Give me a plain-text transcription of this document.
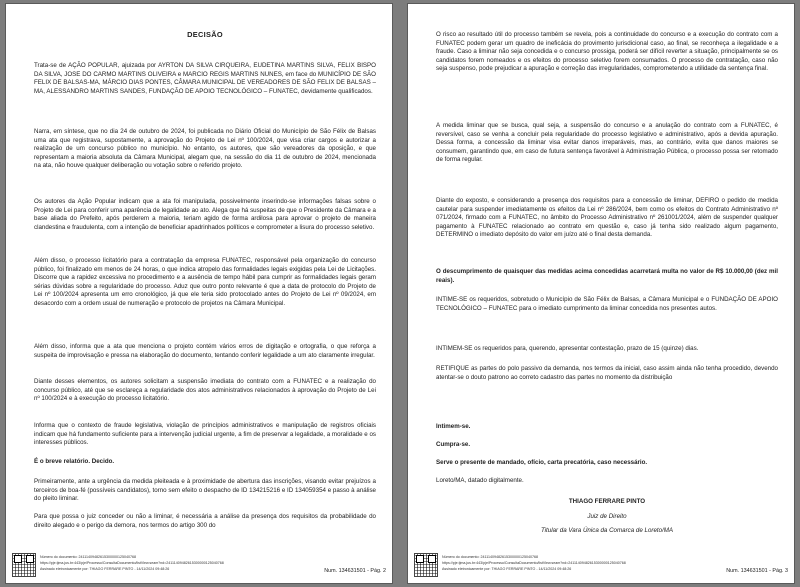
DECISÃO

Trata-se de AÇÃO POPULAR, ajuizada por AYRTON DA SILVA CIRQUEIRA, EUDETINA MARTINS SILVA, FELIX BISPO DA SILVA, JOSE DO CARMO MARTINS OLIVEIRA e MARCIO REGIS MARTINS NUNES, em face do MUNICÍPIO DE SÃO FELIX DE BALSAS-MA, MÁRCIO DIAS PONTES, CÂMARA MUNICIPAL DE VEREADORES DE SÃO FELIX DE BALSAS – MA, ALESSANDRO MARTINS SANDES, FUNDAÇÃO DE APOIO TECNOLÓGICO – FUNATEC, devidamente qualificados.

Narra, em síntese, que no dia 24 de outubro de 2024, foi publicada no Diário Oficial do Município de São Félix de Balsas uma ata que registrava, supostamente, a aprovação do Projeto de Lei nº 100/2024, que visa criar cargos e autorizar a realização de um concurso público no município. No entanto, os autores, que são vereadores da oposição, e que representam a maioria absoluta da Câmara Municipal, alegam que, na sessão do dia 11 de outubro de 2024, mencionada na ata, não houve qualquer deliberação ou votação sobre o referido projeto.

Os autores da Ação Popular indicam que a ata foi manipulada, possivelmente inserindo-se informações falsas sobre o Projeto de Lei para conferir uma aparência de legalidade ao ato. Alega que há suspeitas de que o Presidente da Câmara e a base aliada do Prefeito, após perderem a maioria, teriam agido de forma ardilosa para aprovar o projeto de maneira clandestina e fraudulenta, com a intenção de beneficiar apadrinhados políticos e comprometer a lisura do processo seletivo.

Além disso, o processo licitatório para a contratação da empresa FUNATEC, responsável pela organização do concurso público, foi finalizado em menos de 24 horas, o que indica atropelo das formalidades legais exigidas pela Lei de Licitações. Discorre que a rapidez excessiva no procedimento e a ausência de tempo hábil para cumprir as formalidades legais geram sérias dúvidas sobre a regularidade do processo. Aduz que outro ponto relevante é que a data de protocolo do Projeto de Lei nº 100/2024 apresenta um erro cronológico, já que ele teria sido protocolado antes do Projeto de Lei nº 09/2024, em desacordo com a ordem usual de numeração e protocolo de projetos na Câmara Municipal.

Além disso, informa que a ata que menciona o projeto contém vários erros de digitação e ortografia, o que reforça a suspeita de improvisação e pressa na elaboração do documento, tentando conferir legalidade a um ato claramente irregular.

Diante desses elementos, os autores solicitam a suspensão imediata do contrato com a FUNATEC e a realização do concurso público, até que se esclareça a regularidade dos atos administrativos relacionados à aprovação do Projeto de Lei nº 100/2024 e à execução do processo licitatório.

Informa que o contexto de fraude legislativa, violação de princípios administrativos e manipulação de registros oficiais indicam que há fundamento suficiente para a intervenção judicial urgente, a fim de preservar a legalidade, a moralidade e os interesses públicos.

É o breve relatório. Decido.

Primeiramente, ante a urgência da medida pleiteada e à proximidade de abertura das inscrições, visando evitar prejuízos a terceiros de boa-fé (possíveis candidatos), torno sem efeito o despacho de ID 134215216 e ID 134059354 e passo à análise do pleito liminar.

Para que possa o juiz conceder ou não a liminar, é necessária a análise da presença dos requisitos da probabilidade do direito alegado e o perigo da demora, nos termos do artigo 300 do

Número do documento: 24111409482615300000125040768
https://pje.tjma.jus.br:443/pje/Processo/ConsultaDocumento/listView.seam?nd=24111409482615300000125040768
Assinado eletronicamente por: THIAGO FERRARE PINTO - 14/11/2024 09:48:26	Num. 134631501 - Pág. 2

O risco ao resultado útil do processo também se revela, pois a continuidade do concurso e a execução do contrato com a FUNATEC podem gerar um quadro de ineficácia do provimento jurisdicional caso, ao final, se reconheça a ilegalidade e a fraude. Caso a liminar não seja concedida e o concurso prossiga, poderá ser difícil reverter a situação, principalmente se os candidatos forem nomeados e os efeitos do processo seletivo forem consumados. O processo de contratação, caso não seja suspenso, pode prejudicar a apuração e correção das irregularidades, comprometendo a utilidade da sentença final.

A medida liminar que se busca, qual seja, a suspensão do concurso e a anulação do contrato com a FUNATEC, é reversível, caso se venha a concluir pela regularidade do processo legislativo e administrativo, após a devida apuração. Dessa forma, a concessão da liminar visa evitar danos irreparáveis, mas, ao contrário, evita que danos maiores se consumem, garantindo que, em caso de futura sentença favorável à Administração Pública, o processo possa ser retomado de forma regular.

Diante do exposto, e considerando a presença dos requisitos para a concessão de liminar, DEFIRO o pedido de medida cautelar para suspender imediatamente os efeitos da Lei nº 286/2024, bem como os efeitos do Contrato Administrativo nº 071/2024, firmado com a FUNATEC, no âmbito do Processo Administrativo nº 261001/2024, além de suspender qualquer pagamento à FUNATEC relacionado ao contrato em questão e, caso já tenha sido realizado algum pagamento, DETERMINO o imediato depósito do valor em juízo até o final desta demanda.

O descumprimento de quaisquer das medidas acima concedidas acarretará multa no valor de R$ 10.000,00 (dez mil reais).

INTIME-SE os requeridos, sobretudo o Município de São Félix de Balsas, a Câmara Municipal e o FUNDAÇÃO DE APOIO TECNOLÓGICO – FUNATEC para o imediato cumprimento da liminar concedida nos presentes autos.

INTIMEM-SE os requeridos para, querendo, apresentar contestação, prazo de 15 (quinze) dias.

RETIFIQUE as partes do polo passivo da demanda, nos termos da inicial, caso assim ainda não tenha procedido, devendo atentar-se o douto patrono ao correto cadastro das partes no momento da distribuição

Intimem-se.

Cumpra-se.

Serve o presente de mandado, ofício, carta precatória, caso necessário.

Loreto/MA, datado digitalmente.

THIAGO FERRARE PINTO

Juiz de Direito

Titular da Vara Única da Comarca de Loreto/MA

Número do documento: 24111409482615300000125040768
https://pje.tjma.jus.br:443/pje/Processo/ConsultaDocumento/listView.seam?nd=24111409482615300000125040768
Assinado eletronicamente por: THIAGO FERRARE PINTO - 14/11/2024 09:48:26	Num. 134631501 - Pág. 3
